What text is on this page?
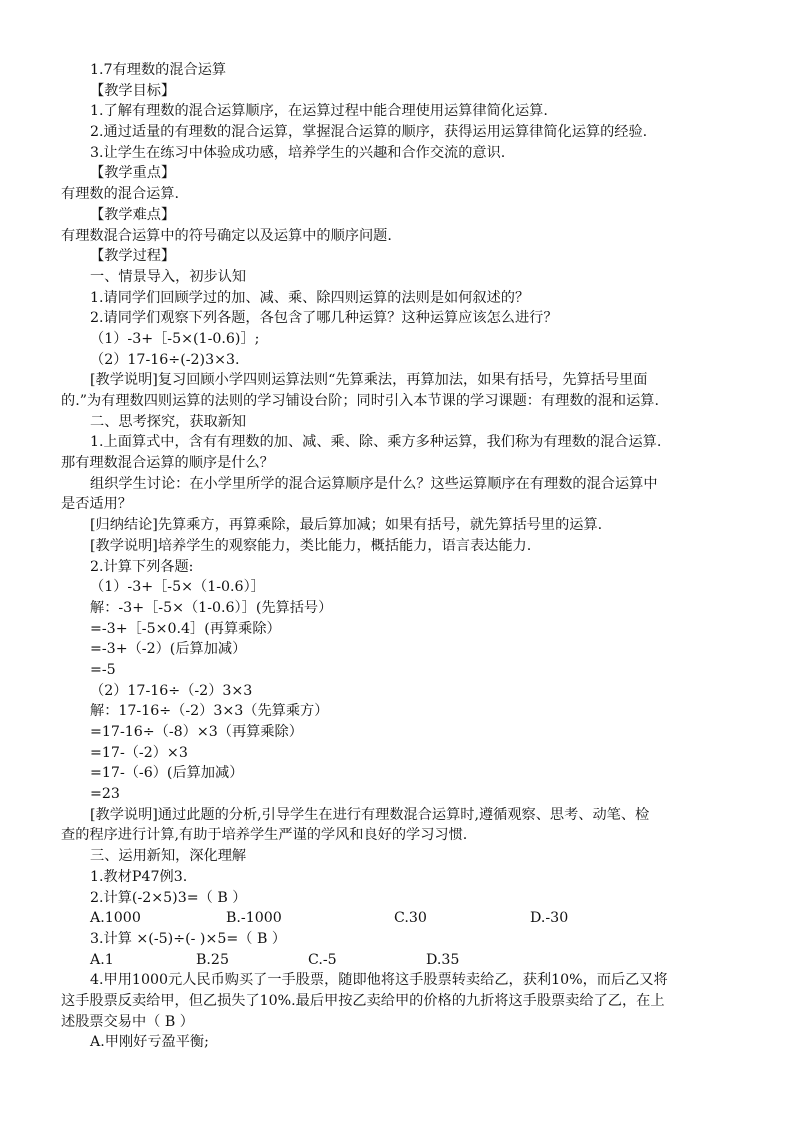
1.7有理数的混合运算
【教学目标】
1.了解有理数的混合运算顺序，在运算过程中能合理使用运算律简化运算.
2.通过适量的有理数的混合运算，掌握混合运算的顺序，获得运用运算律简化运算的经验.
3.让学生在练习中体验成功感，培养学生的兴趣和合作交流的意识.
【教学重点】
有理数的混合运算.
【教学难点】
有理数混合运算中的符号确定以及运算中的顺序问题.
【教学过程】
一、情景导入，初步认知
1.请同学们回顾学过的加、减、乘、除四则运算的法则是如何叙述的？
2.请同学们观察下列各题，各包含了哪几种运算？这种运算应该怎么进行？
（1）-3+［-5×(1-0.6)］;
（2）17-16÷(-2)3×3.
[教学说明]复习回顾小学四则运算法则“先算乘法，再算加法，如果有括号，先算括号里面
的.”为有理数四则运算的法则的学习铺设台阶；同时引入本节课的学习课题：有理数的混和运算.
二、思考探究，获取新知
1.上面算式中，含有有理数的加、减、乘、除、乘方多种运算，我们称为有理数的混合运算.
那有理数混合运算的顺序是什么？
组织学生讨论：在小学里所学的混合运算顺序是什么？这些运算顺序在有理数的混合运算中
是否适用？
[归纳结论]先算乘方，再算乘除，最后算加减；如果有括号，就先算括号里的运算.
[教学说明]培养学生的观察能力，类比能力，概括能力，语言表达能力.
2.计算下列各题:
（1）-3+［-5×（1-0.6）］
解：-3+［-5×（1-0.6）］(先算括号）
=-3+［-5×0.4］(再算乘除）
=-3+（-2）(后算加减）
=-5
（2）17-16÷（-2）3×3
解：17-16÷（-2）3×3（先算乘方）
=17-16÷（-8）×3（再算乘除）
=17-（-2）×3
=17-（-6）(后算加减）
=23
[教学说明]通过此题的分析,引导学生在进行有理数混合运算时,遵循观察、思考、动笔、检
查的程序进行计算,有助于培养学生严谨的学风和良好的学习习惯.
三、运用新知，深化理解
1.教材P47例3.
2.计算(-2×5)3=（ B ）
A.1000	B.-1000	C.30	D.-30
3.计算 ×(-5)÷(- )×5=（ B ）
A.1	B.25	C.-5	D.35
4.甲用1000元人民币购买了一手股票，随即他将这手股票转卖给乙，获利10%，而后乙又将
这手股票反卖给甲，但乙损失了10%.最后甲按乙卖给甲的价格的九折将这手股票卖给了乙，在上
述股票交易中（ B ）
A.甲刚好亏盈平衡;
